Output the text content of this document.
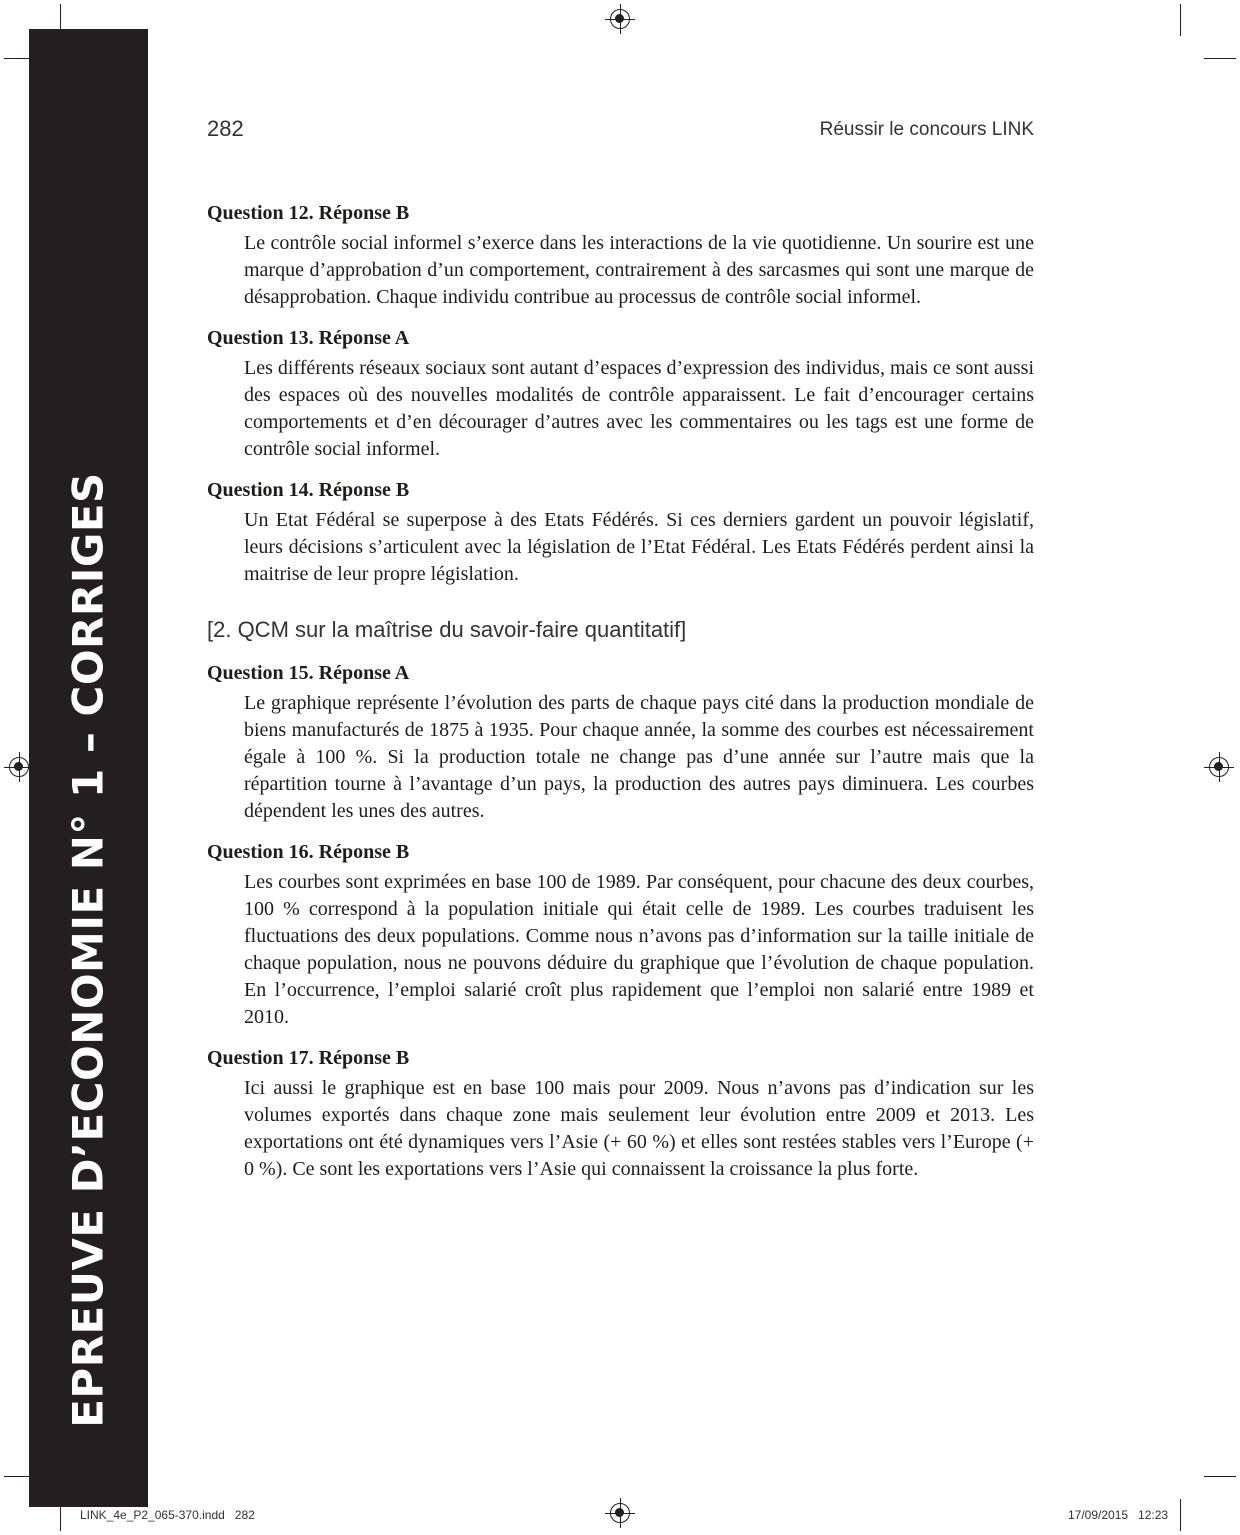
EPREUVE D’ECONOMIE N° 1 – CORRIGES
282	Réussir le concours LINK
Question 12. Réponse B

Le contrôle social informel s’exerce dans les interactions de la vie quotidienne. Un sourire est une marque d’approbation d’un comportement, contrairement à des sarcasmes qui sont une marque de désapprobation. Chaque individu contribue au processus de contrôle social informel.

Question 13. Réponse A

Les différents réseaux sociaux sont autant d’espaces d’expression des individus, mais ce sont aussi des espaces où des nouvelles modalités de contrôle apparaissent. Le fait d’encourager certains comportements et d’en décourager d’autres avec les commentaires ou les tags est une forme de contrôle social informel.

Question 14. Réponse B

Un Etat Fédéral se superpose à des Etats Fédérés. Si ces derniers gardent un pouvoir législatif, leurs décisions s’articulent avec la législation de l’Etat Fédéral. Les Etats Fédérés perdent ainsi la maitrise de leur propre législation.

[2. QCM sur la maîtrise du savoir-faire quantitatif]
Question 15. Réponse A

Le graphique représente l’évolution des parts de chaque pays cité dans la production mondiale de biens manufacturés de 1875 à 1935. Pour chaque année, la somme des courbes est nécessairement égale à 100 %. Si la production totale ne change pas d’une année sur l’autre mais que la répartition tourne à l’avantage d’un pays, la production des autres pays diminuera. Les courbes dépendent les unes des autres.

Question 16. Réponse B

Les courbes sont exprimées en base 100 de 1989. Par conséquent, pour chacune des deux courbes, 100 % correspond à la population initiale qui était celle de 1989. Les courbes traduisent les fluctuations des deux populations. Comme nous n’avons pas d’information sur la taille initiale de chaque population, nous ne pouvons déduire du graphique que l’évolution de chaque population. En l’occurrence, l’emploi salarié croît plus rapidement que l’emploi non salarié entre 1989 et 2010.

Question 17. Réponse B

Ici aussi le graphique est en base 100 mais pour 2009. Nous n’avons pas d’indication sur les volumes exportés dans chaque zone mais seulement leur évolution entre 2009 et 2013. Les exportations ont été dynamiques vers l’Asie (+ 60 %) et elles sont restées stables vers l’Europe (+ 0 %). Ce sont les exportations vers l’Asie qui connaissent la croissance la plus forte.

LINK_4e_P2_065-370.indd   282	17/09/2015   12:23
